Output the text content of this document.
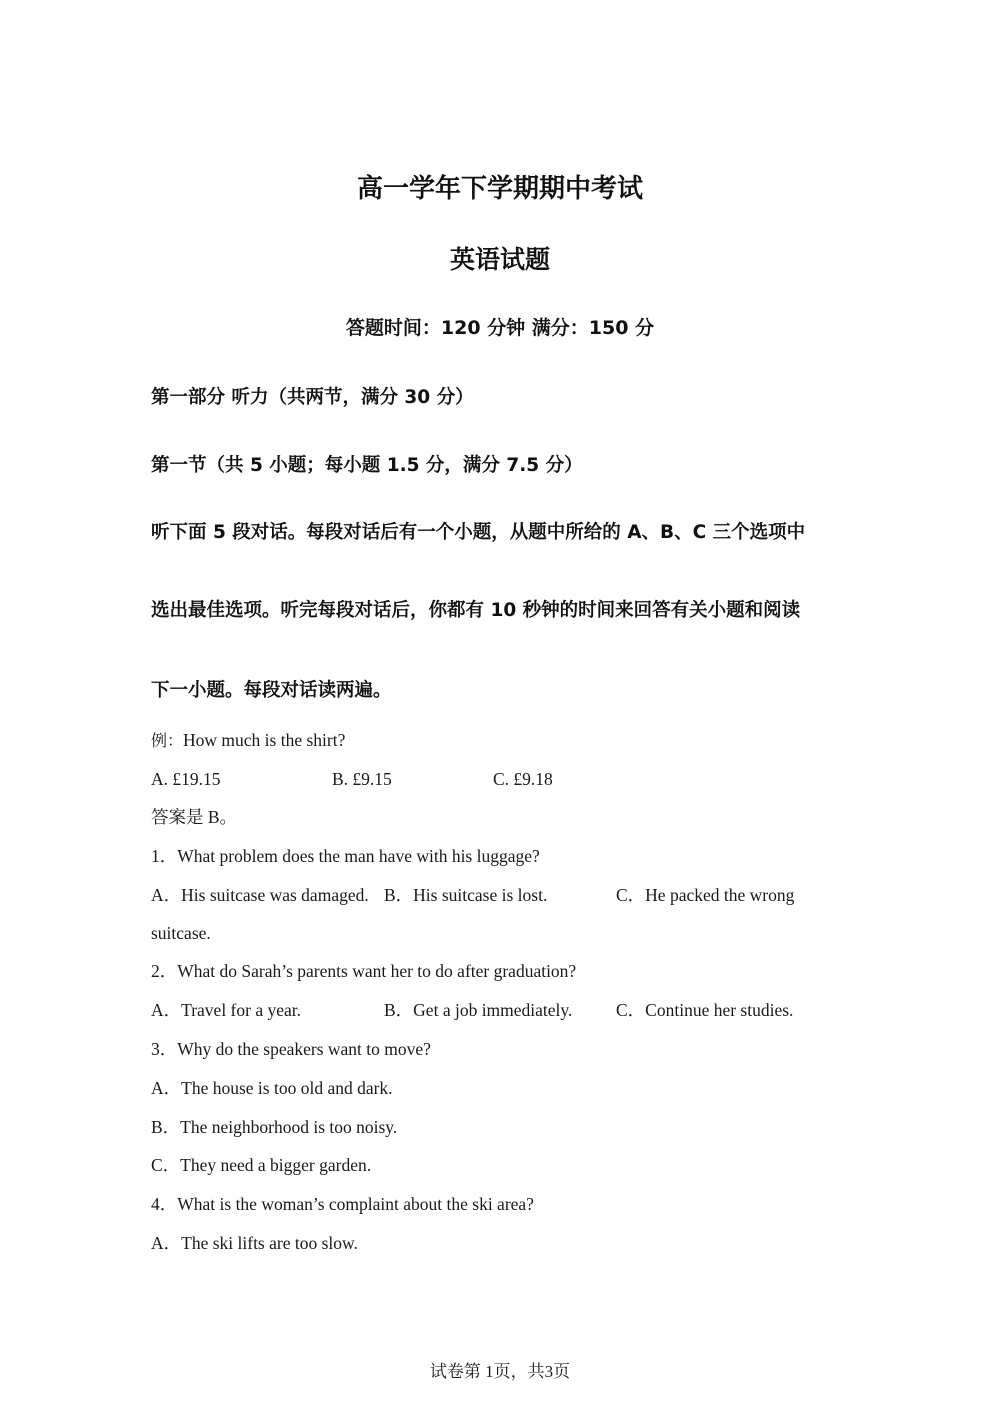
高一学年下学期期中考试
英语试题
答题时间：120 分钟 满分：150 分
第一部分 听力（共两节，满分 30 分）
第一节（共 5 小题；每小题 1.5 分，满分 7.5 分）
听下面 5 段对话。每段对话后有一个小题，从题中所给的 A、B、C 三个选项中
选出最佳选项。听完每段对话后，你都有 10 秒钟的时间来回答有关小题和阅读
下一小题。每段对话读两遍。
例：How much is the shirt?
A. £19.15	B. £9.15	C. £9.18
答案是 B。
1．What problem does the man have with his luggage?
A．His suitcase was damaged. B．His suitcase is lost.	C．He packed the wrong
suitcase.
2．What do Sarah’s parents want her to do after graduation?
A．Travel for a year.	B．Get a job immediately. C．Continue her studies.
3．Why do the speakers want to move?
A．The house is too old and dark.
B．The neighborhood is too noisy.
C．They need a bigger garden.
4．What is the woman’s complaint about the ski area?
A．The ski lifts are too slow.
试卷第 1页，共3页
